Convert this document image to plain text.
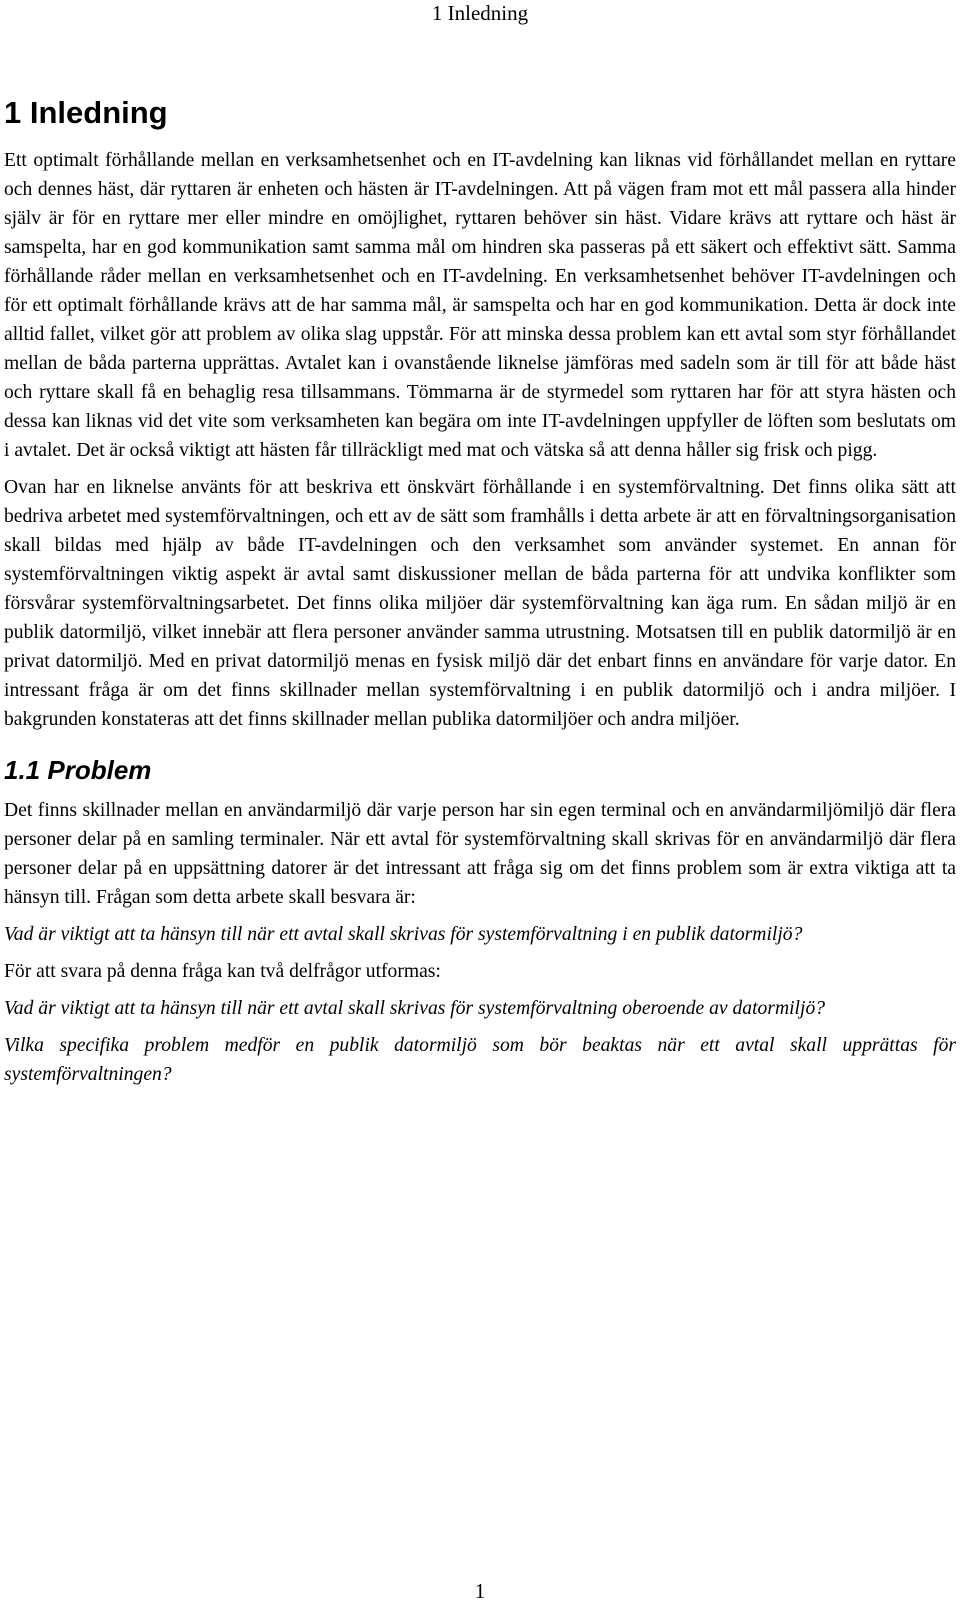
1 Inledning
1 Inledning

Ett optimalt förhållande mellan en verksamhetsenhet och en IT-avdelning kan liknas vid förhållandet mellan en ryttare och dennes häst, där ryttaren är enheten och hästen är IT-avdelningen. Att på vägen fram mot ett mål passera alla hinder själv är för en ryttare mer eller mindre en omöjlighet, ryttaren behöver sin häst. Vidare krävs att ryttare och häst är samspelta, har en god kommunikation samt samma mål om hindren ska passeras på ett säkert och effektivt sätt. Samma förhållande råder mellan en verksamhetsenhet och en IT-avdelning. En verksamhetsenhet behöver IT-avdelningen och för ett optimalt förhållande krävs att de har samma mål, är samspelta och har en god kommunikation. Detta är dock inte alltid fallet, vilket gör att problem av olika slag uppstår. För att minska dessa problem kan ett avtal som styr förhållandet mellan de båda parterna upprättas. Avtalet kan i ovanstående liknelse jämföras med sadeln som är till för att både häst och ryttare skall få en behaglig resa tillsammans. Tömmarna är de styrmedel som ryttaren har för att styra hästen och dessa kan liknas vid det vite som verksamheten kan begära om inte IT-avdelningen uppfyller de löften som beslutats om i avtalet. Det är också viktigt att hästen får tillräckligt med mat och vätska så att denna håller sig frisk och pigg.

Ovan har en liknelse använts för att beskriva ett önskvärt förhållande i en systemförvaltning. Det finns olika sätt att bedriva arbetet med systemförvaltningen, och ett av de sätt som framhålls i detta arbete är att en förvaltningsorganisation skall bildas med hjälp av både IT-avdelningen och den verksamhet som använder systemet. En annan för systemförvaltningen viktig aspekt är avtal samt diskussioner mellan de båda parterna för att undvika konflikter som försvårar systemförvaltningsarbetet. Det finns olika miljöer där systemförvaltning kan äga rum. En sådan miljö är en publik datormiljö, vilket innebär att flera personer använder samma utrustning. Motsatsen till en publik datormiljö är en privat datormiljö. Med en privat datormiljö menas en fysisk miljö där det enbart finns en användare för varje dator. En intressant fråga är om det finns skillnader mellan systemförvaltning i en publik datormiljö och i andra miljöer. I bakgrunden konstateras att det finns skillnader mellan publika datormiljöer och andra miljöer.

1.1 Problem

Det finns skillnader mellan en användarmiljö där varje person har sin egen terminal och en användarmiljömiljö där flera personer delar på en samling terminaler. När ett avtal för systemförvaltning skall skrivas för en användarmiljö där flera personer delar på en uppsättning datorer är det intressant att fråga sig om det finns problem som är extra viktiga att ta hänsyn till. Frågan som detta arbete skall besvara är:

Vad är viktigt att ta hänsyn till när ett avtal skall skrivas för systemförvaltning i en publik datormiljö?

För att svara på denna fråga kan två delfrågor utformas:

Vad är viktigt att ta hänsyn till när ett avtal skall skrivas för systemförvaltning oberoende av datormiljö?

Vilka specifika problem medför en publik datormiljö som bör beaktas när ett avtal skall upprättas för systemförvaltningen?

1
